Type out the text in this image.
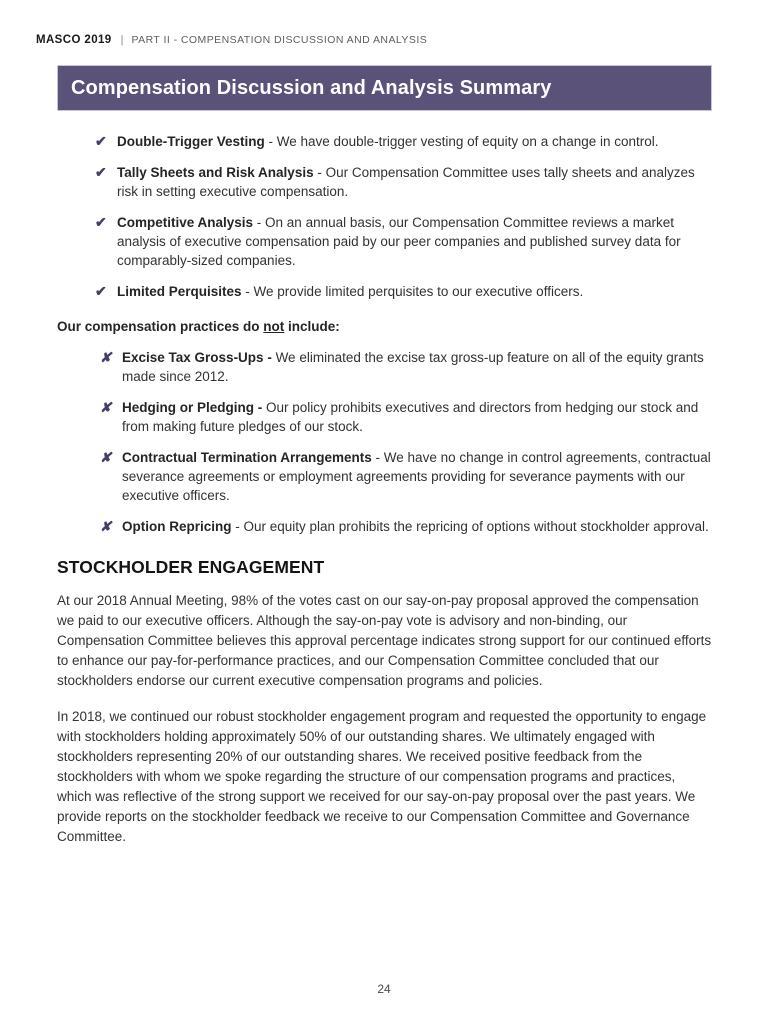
MASCO 2019 | PART II - COMPENSATION DISCUSSION AND ANALYSIS
Compensation Discussion and Analysis Summary
✔ Double-Trigger Vesting - We have double-trigger vesting of equity on a change in control.
✔ Tally Sheets and Risk Analysis - Our Compensation Committee uses tally sheets and analyzes risk in setting executive compensation.
✔ Competitive Analysis - On an annual basis, our Compensation Committee reviews a market analysis of executive compensation paid by our peer companies and published survey data for comparably-sized companies.
✔ Limited Perquisites - We provide limited perquisites to our executive officers.

Our compensation practices do not include:

✘ Excise Tax Gross-Ups - We eliminated the excise tax gross-up feature on all of the equity grants made since 2012.
✘ Hedging or Pledging - Our policy prohibits executives and directors from hedging our stock and from making future pledges of our stock.
✘ Contractual Termination Arrangements - We have no change in control agreements, contractual severance agreements or employment agreements providing for severance payments with our executive officers.
✘ Option Repricing - Our equity plan prohibits the repricing of options without stockholder approval.
STOCKHOLDER ENGAGEMENT

At our 2018 Annual Meeting, 98% of the votes cast on our say-on-pay proposal approved the compensation we paid to our executive officers. Although the say-on-pay vote is advisory and non-binding, our Compensation Committee believes this approval percentage indicates strong support for our continued efforts to enhance our pay-for-performance practices, and our Compensation Committee concluded that our stockholders endorse our current executive compensation programs and policies.

In 2018, we continued our robust stockholder engagement program and requested the opportunity to engage with stockholders holding approximately 50% of our outstanding shares. We ultimately engaged with stockholders representing 20% of our outstanding shares. We received positive feedback from the stockholders with whom we spoke regarding the structure of our compensation programs and practices, which was reflective of the strong support we received for our say-on-pay proposal over the past years. We provide reports on the stockholder feedback we receive to our Compensation Committee and Governance Committee.

24
